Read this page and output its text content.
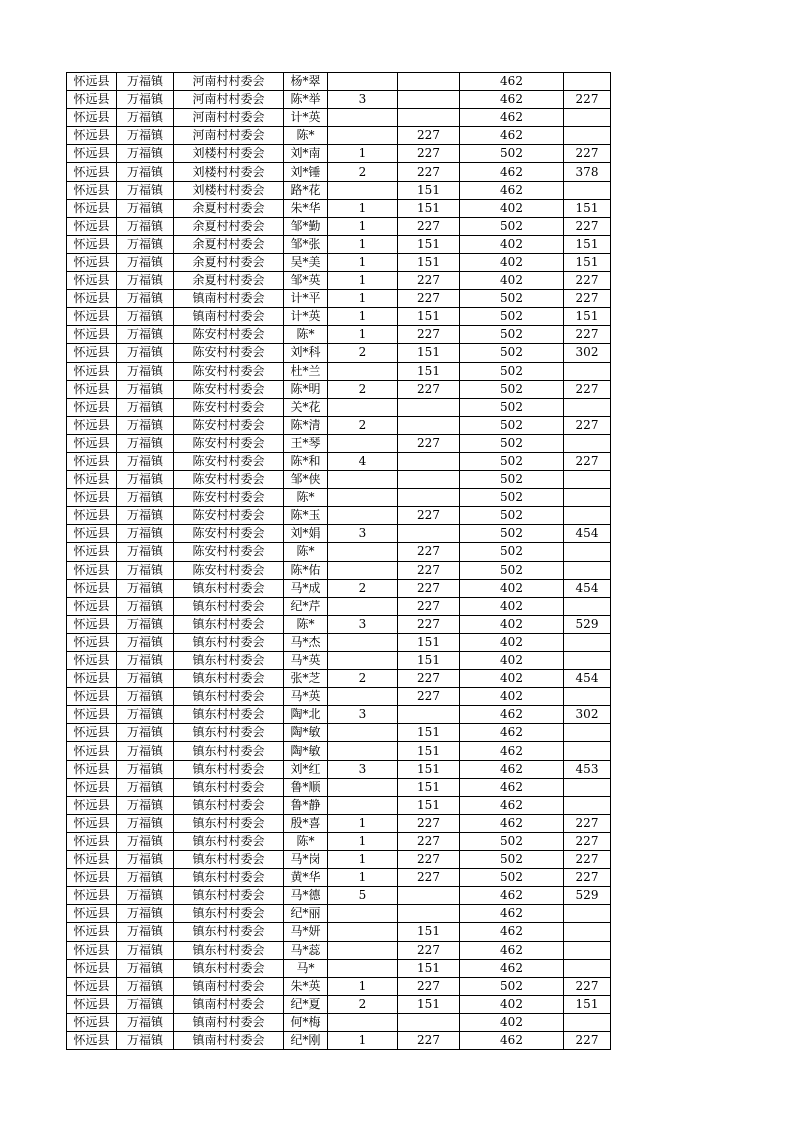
怀远县	万福镇	河南村村委会	杨*翠			462	
怀远县	万福镇	河南村村委会	陈*举	3		462	227
怀远县	万福镇	河南村村委会	计*英			462	
怀远县	万福镇	河南村村委会	陈*		227	462	
怀远县	万福镇	刘楼村村委会	刘*南	1	227	502	227
怀远县	万福镇	刘楼村村委会	刘*锤	2	227	462	378
怀远县	万福镇	刘楼村村委会	路*花		151	462	
怀远县	万福镇	余夏村村委会	朱*华	1	151	402	151
怀远县	万福镇	余夏村村委会	邹*勤	1	227	502	227
怀远县	万福镇	余夏村村委会	邹*张	1	151	402	151
怀远县	万福镇	余夏村村委会	吴*美	1	151	402	151
怀远县	万福镇	余夏村村委会	邹*英	1	227	402	227
怀远县	万福镇	镇南村村委会	计*平	1	227	502	227
怀远县	万福镇	镇南村村委会	计*英	1	151	502	151
怀远县	万福镇	陈安村村委会	陈*	1	227	502	227
怀远县	万福镇	陈安村村委会	刘*科	2	151	502	302
怀远县	万福镇	陈安村村委会	杜*兰		151	502	
怀远县	万福镇	陈安村村委会	陈*明	2	227	502	227
怀远县	万福镇	陈安村村委会	关*花			502	
怀远县	万福镇	陈安村村委会	陈*清	2		502	227
怀远县	万福镇	陈安村村委会	王*琴		227	502	
怀远县	万福镇	陈安村村委会	陈*和	4		502	227
怀远县	万福镇	陈安村村委会	邹*侠			502	
怀远县	万福镇	陈安村村委会	陈*			502	
怀远县	万福镇	陈安村村委会	陈*玉		227	502	
怀远县	万福镇	陈安村村委会	刘*娟	3		502	454
怀远县	万福镇	陈安村村委会	陈*		227	502	
怀远县	万福镇	陈安村村委会	陈*佑		227	502	
怀远县	万福镇	镇东村村委会	马*成	2	227	402	454
怀远县	万福镇	镇东村村委会	纪*芹		227	402	
怀远县	万福镇	镇东村村委会	陈*	3	227	402	529
怀远县	万福镇	镇东村村委会	马*杰		151	402	
怀远县	万福镇	镇东村村委会	马*英		151	402	
怀远县	万福镇	镇东村村委会	张*芝	2	227	402	454
怀远县	万福镇	镇东村村委会	马*英		227	402	
怀远县	万福镇	镇东村村委会	陶*北	3		462	302
怀远县	万福镇	镇东村村委会	陶*敏		151	462	
怀远县	万福镇	镇东村村委会	陶*敏		151	462	
怀远县	万福镇	镇东村村委会	刘*红	3	151	462	453
怀远县	万福镇	镇东村村委会	鲁*顺		151	462	
怀远县	万福镇	镇东村村委会	鲁*静		151	462	
怀远县	万福镇	镇东村村委会	殷*喜	1	227	462	227
怀远县	万福镇	镇东村村委会	陈*	1	227	502	227
怀远县	万福镇	镇东村村委会	马*岗	1	227	502	227
怀远县	万福镇	镇东村村委会	黄*华	1	227	502	227
怀远县	万福镇	镇东村村委会	马*德	5		462	529
怀远县	万福镇	镇东村村委会	纪*丽			462	
怀远县	万福镇	镇东村村委会	马*妍		151	462	
怀远县	万福镇	镇东村村委会	马*蕊		227	462	
怀远县	万福镇	镇东村村委会	马*		151	462	
怀远县	万福镇	镇南村村委会	朱*英	1	227	502	227
怀远县	万福镇	镇南村村委会	纪*夏	2	151	402	151
怀远县	万福镇	镇南村村委会	何*梅			402	
怀远县	万福镇	镇南村村委会	纪*刚	1	227	462	227
